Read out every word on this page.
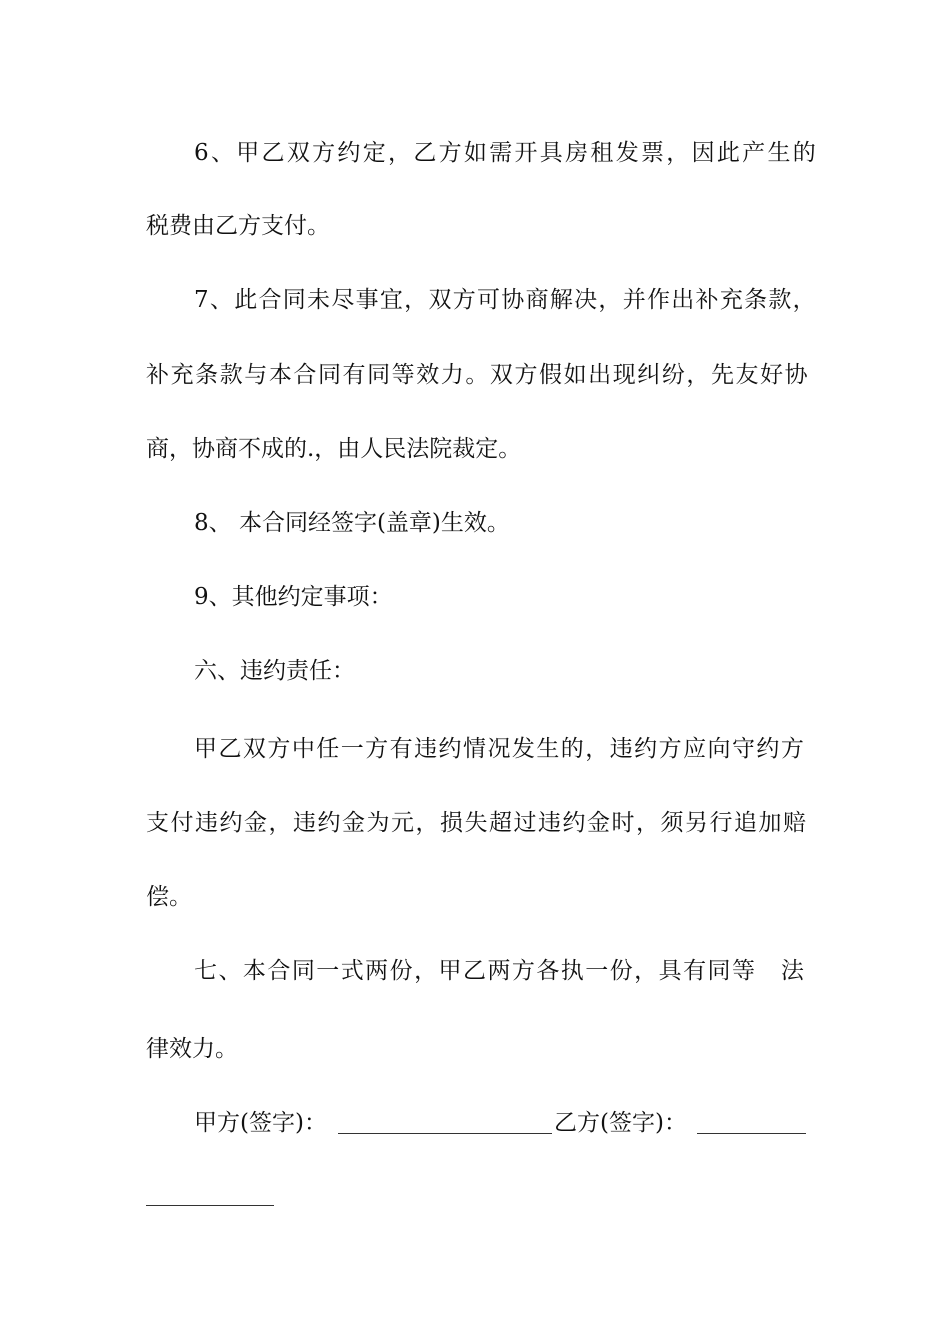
6 、 甲 乙 双 方 约 定 ， 乙 方 如 需 开 具 房 租 发 票 ， 因 此 产 生 的
税费由乙方支付。
7 、 此 合 同 未 尽 事 宜 ， 双 方 可 协 商 解 决 ， 并 作 出 补 充 条 款 ，
补 充 条 款 与 本 合 同 有 同 等 效 力 。 双 方 假 如 出 现 纠 纷 ， 先 友 好 协
商，协商不成的.，由人民法院裁定。
8、 本合同经签字(盖章)生效。
9、其他约定事项：
六、违约责任：
甲 乙 双 方 中 任 一 方 有 违 约 情 况 发 生 的 ， 违 约 方 应 向 守 约 方
支 付 违 约 金 ， 违 约 金 为 元 ， 损 失 超 过 违 约 金 时 ， 须 另 行 追 加 赔
偿。
七 、 本 合 同 一 式 两 份 ， 甲 乙 两 方 各 执 一 份 ， 具 有 同 等
　 法
律效力。
甲方(签字)：	乙方(签字)：
